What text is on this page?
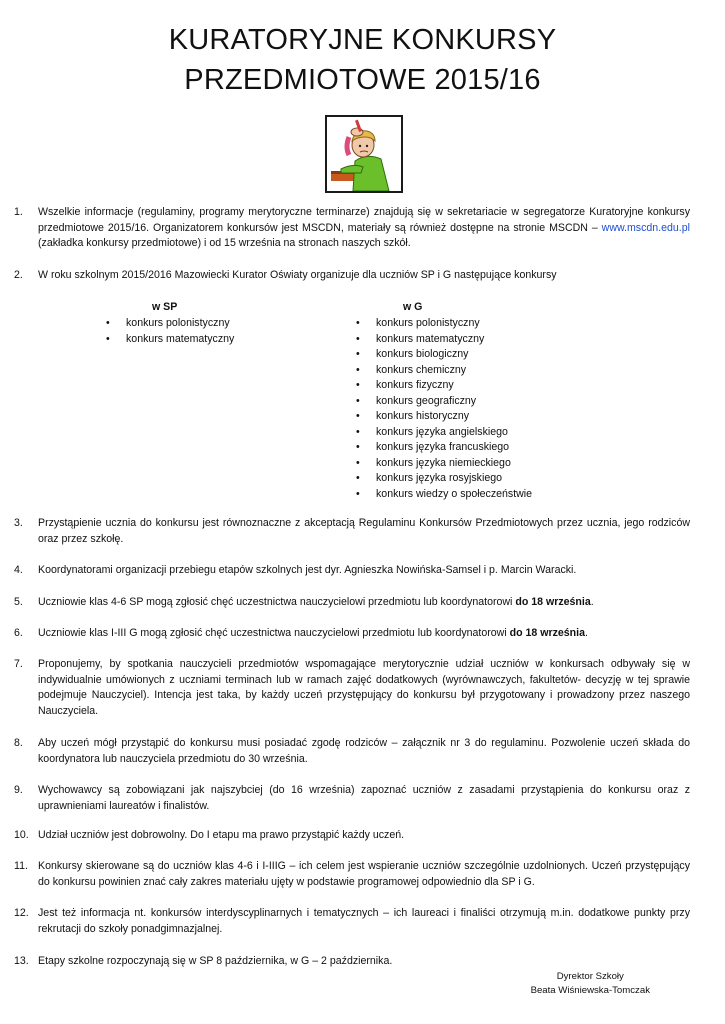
KURATORYJNE KONKURSY
PRZEDMIOTOWE 2015/16
1.	Wszelkie informacje (regulaminy, programy merytoryczne terminarze) znajdują się w sekretariacie w segregatorze Kuratoryjne konkursy przedmiotowe 2015/16. Organizatorem konkursów jest MSCDN, materiały są również dostępne na stronie MSCDN – www.mscdn.edu.pl (zakładka konkursy przedmiotowe) i od 15 września na stronach naszych szkół.
2.	W roku szkolnym 2015/2016 Mazowiecki Kurator Oświaty organizuje dla uczniów SP i G następujące konkursy
w SP
• konkurs polonistyczny
• konkurs matematyczny
w G
• konkurs polonistyczny
• konkurs matematyczny
• konkurs biologiczny
• konkurs chemiczny
• konkurs fizyczny
• konkurs geograficzny
• konkurs historyczny
• konkurs języka angielskiego
• konkurs języka francuskiego
• konkurs języka niemieckiego
• konkurs języka rosyjskiego
• konkurs wiedzy o społeczeństwie
3.	Przystąpienie ucznia do konkursu jest równoznaczne z akceptacją Regulaminu Konkursów Przedmiotowych przez ucznia, jego rodziców oraz przez szkołę.
4.	Koordynatorami organizacji przebiegu etapów szkolnych jest dyr. Agnieszka Nowińska-Samsel i p. Marcin Waracki.
5.	Uczniowie klas 4-6 SP mogą zgłosić chęć uczestnictwa nauczycielowi przedmiotu lub koordynatorowi do 18 września.
6.	Uczniowie klas I-III G mogą zgłosić chęć uczestnictwa nauczycielowi przedmiotu lub koordynatorowi do 18 września.
7.	Proponujemy, by spotkania nauczycieli przedmiotów wspomagające merytorycznie udział uczniów w konkursach odbywały się w indywidualnie umówionych z uczniami terminach lub w ramach zajęć dodatkowych (wyrównawczych, fakultetów- decyzję w tej sprawie podejmuje Nauczyciel). Intencja jest taka, by każdy uczeń przystępujący do konkursu był przygotowany i prowadzony przez naszego Nauczyciela.
8.	Aby uczeń mógł przystąpić do konkursu musi posiadać zgodę rodziców – załącznik nr 3 do regulaminu. Pozwolenie uczeń składa do koordynatora lub nauczyciela przedmiotu do 30 września.
9.	Wychowawcy są zobowiązani jak najszybciej (do 16 września) zapoznać uczniów z zasadami przystąpienia do konkursu oraz z uprawnieniami laureatów i finalistów.
10. Udział uczniów jest dobrowolny. Do I etapu ma prawo przystąpić każdy uczeń.
11. Konkursy skierowane są do uczniów klas 4-6 i I-IIIG – ich celem jest wspieranie uczniów szczególnie uzdolnionych. Uczeń przystępujący do konkursu powinien znać cały zakres materiału ujęty w podstawie programowej odpowiednio dla SP i G.
12. Jest też informacja nt. konkursów interdyscyplinarnych i tematycznych – ich laureaci i finaliści otrzymują m.in. dodatkowe punkty przy rekrutacji do szkoły ponadgimnazjalnej.
13. Etapy szkolne rozpoczynają się w SP 8 października, w G – 2 października.
Dyrektor Szkoły
Beata Wiśniewska-Tomczak
